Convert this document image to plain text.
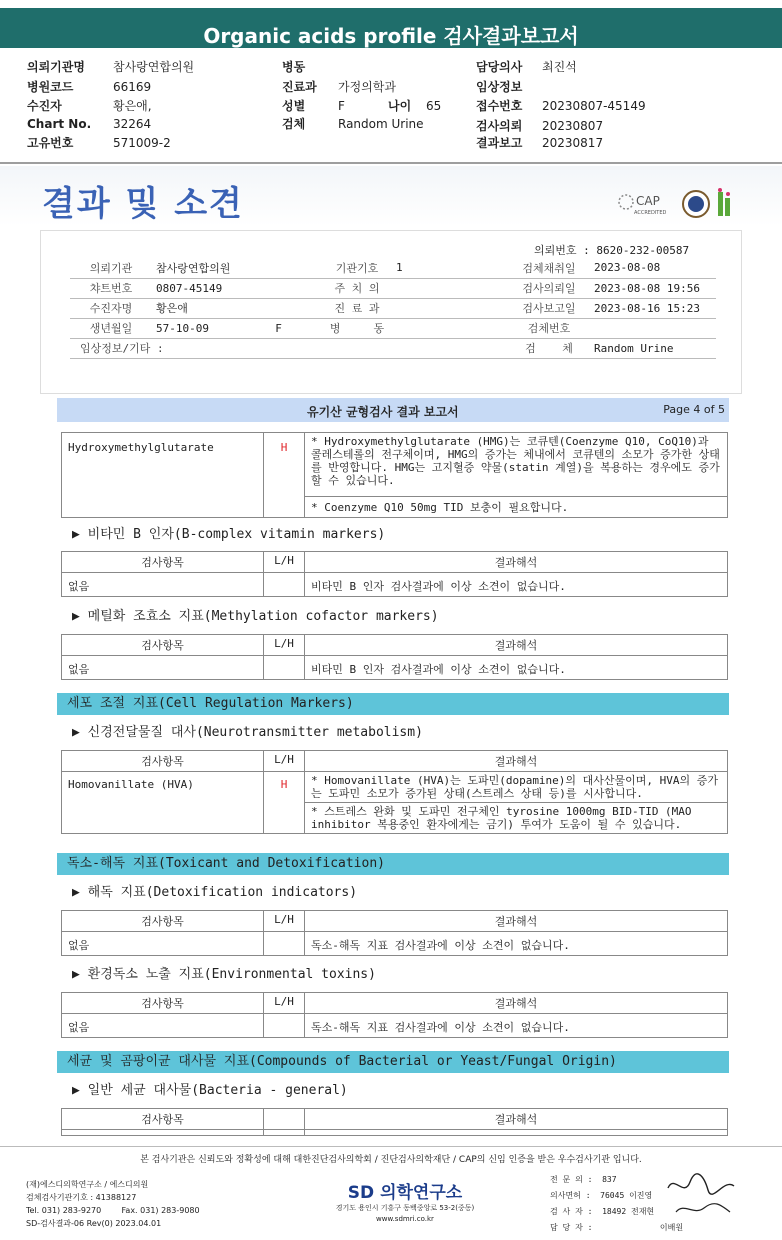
Organic acids profile 검사결과보고서
의뢰기관명 참사랑연합의원
병원코드	66169
수진자	황은애,
Chart No. 32264
고유번호	571009-2
병동
진료과 가정의학과
성별	F	나이 65
검체	Random Urine
담당의사 최진석
임상정보
접수번호 20230807-45149
검사의뢰 20230807
결과보고 20230817
결과 및 소견	CAP
ACCREDITED
의뢰번호 : 8620-232-00587
의뢰기관	참사랑연합의원	기관기호	1	검체채취일	2023-08-08
챠트번호	0807-45149	주 치 의		검사의뢰일	2023-08-08 19:56
수진자명	황은애	진 료 과		검사보고일	2023-08-16 15:23
생년월일	57-10-09          F	병     동		검체번호	
임상정보/기타 :				검    체	Random Urine
유기산 균형검사 결과 보고서	Page 4 of 5
Hydroxymethylglutarate	H	* Hydroxymethylglutarate (HMG)는 코큐텐(Coenzyme Q10, CoQ10)과 콜레스테롤의 전구체이며, HMG의 증가는 체내에서 코큐텐의 소모가 증가한 상태를 반영합니다. HMG는 고지혈증 약물(statin 계열)을 복용하는 경우에도 증가할 수 있습니다.
* Coenzyme Q10 50mg TID 보충이 필요합니다.
▶ 비타민 B 인자(B-complex vitamin markers)
검사항목	L/H	결과해석
없음		비타민 B 인자 검사결과에 이상 소견이 없습니다.
▶ 메틸화 조효소 지표(Methylation cofactor markers)
검사항목	L/H	결과해석
없음		비타민 B 인자 검사결과에 이상 소견이 없습니다.
세포 조절 지표(Cell Regulation Markers)
▶ 신경전달물질 대사(Neurotransmitter metabolism)
검사항목	L/H	결과해석
Homovanillate (HVA)	H	* Homovanillate (HVA)는 도파민(dopamine)의 대사산물이며, HVA의 증가는 도파민 소모가 증가된 상태(스트레스 상태 등)를 시사합니다.
		* 스트레스 완화 및 도파민 전구체인 tyrosine 1000mg BID-TID (MAO inhibitor 복용중인 환자에게는 금기) 투여가 도움이 될 수 있습니다.
독소-해독 지표(Toxicant and Detoxification)
▶ 해독 지표(Detoxification indicators)
검사항목	L/H	결과해석
없음		독소-해독 지표 검사결과에 이상 소견이 없습니다.
▶ 환경독소 노출 지표(Environmental toxins)
검사항목	L/H	결과해석
없음		독소-해독 지표 검사결과에 이상 소견이 없습니다.
세균 및 곰팡이균 대사물 지표(Compounds of Bacterial or Yeast/Fungal Origin)
▶ 일반 세균 대사물(Bacteria - general)
검사항목		결과해석

본 검사기관은 신뢰도와 정확성에 대해 대한진단검사의학회 / 진단검사의학재단 / CAP의 신임 인증을 받은 우수검사기관 입니다.
(재)에스디의학연구소 / 에스디의원
검체검사기관기호 : 41388127
Tel. 031) 283-9270        Fax. 031) 283-9080
SD-검사결과-06 Rev(0) 2023.04.01
SD 의학연구소
경기도 용인시 기흥구 동백중앙로 53-2(중동)
www.sdmri.co.kr
전 문 의 :  837
의사면허 :  76045 이진영
검 사 자 :  18492 전재현
담 당 자 :              이배원
